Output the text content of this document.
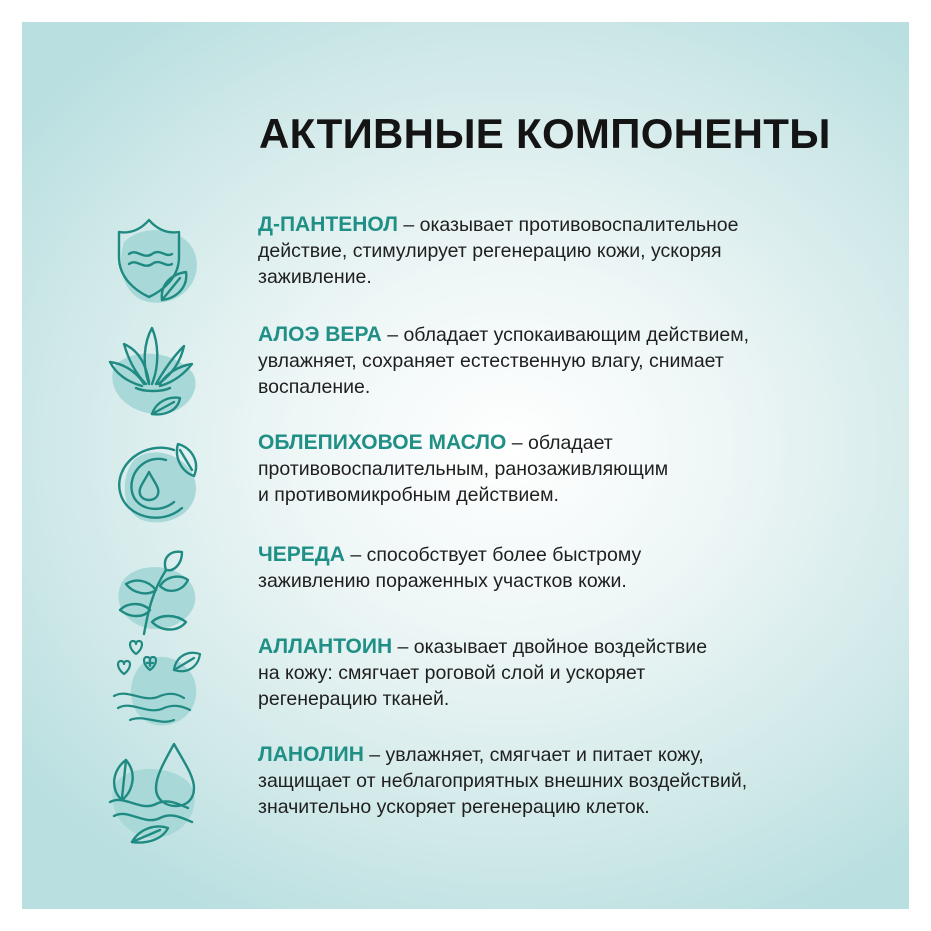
АКТИВНЫЕ КОМПОНЕНТЫ

Д-ПАНТЕНОЛ – оказывает противовоспалительное
действие, стимулирует регенерацию кожи, ускоряя
заживление.

АЛОЭ ВЕРА – обладает успокаивающим действием,
увлажняет, сохраняет естественную влагу, снимает
воспаление.

ОБЛЕПИХОВОЕ МАСЛО – обладает
противовоспалительным, ранозаживляющим
и противомикробным действием.

ЧЕРЕДА – способствует более быстрому
заживлению пораженных участков кожи.

АЛЛАНТОИН – оказывает двойное воздействие
на кожу: смягчает роговой слой и ускоряет
регенерацию тканей.

ЛАНОЛИН – увлажняет, смягчает и питает кожу,
защищает от неблагоприятных внешних воздействий,
значительно ускоряет регенерацию клеток.
